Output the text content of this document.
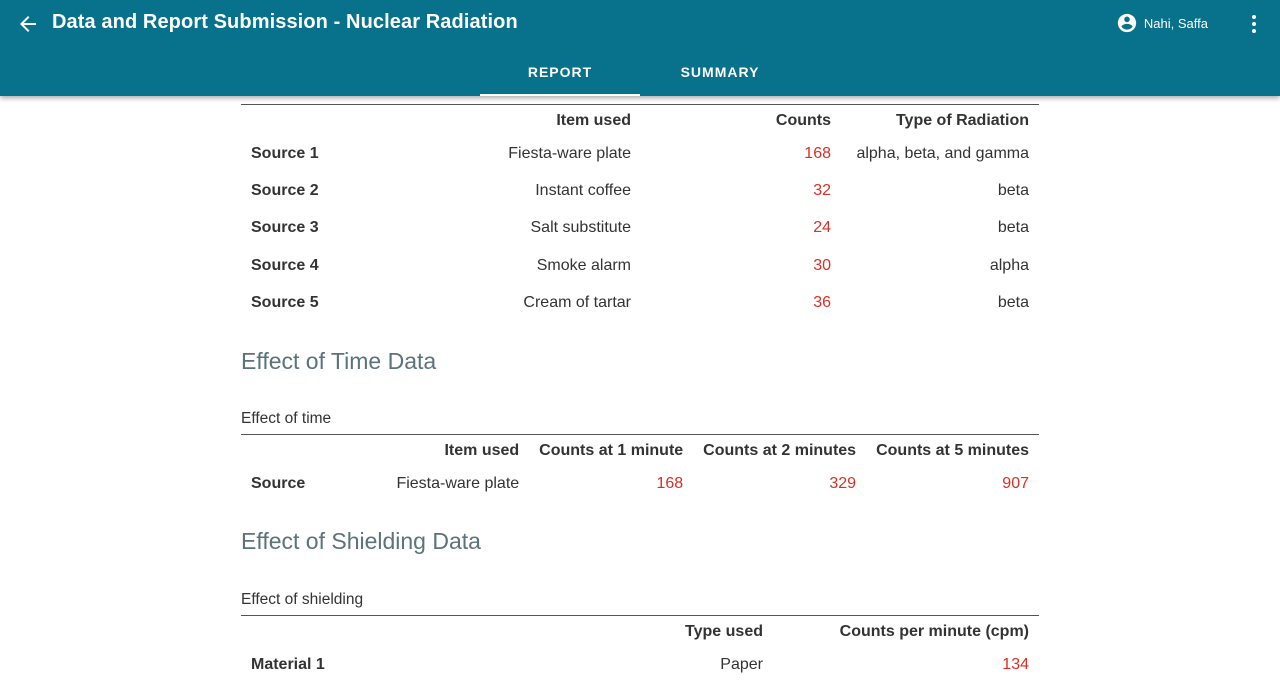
Data and Report Submission - Nuclear Radiation	Nahi, Saffa
REPORT	SUMMARY
	Item used	Counts	Type of Radiation
Source 1	Fiesta-ware plate	168	alpha, beta, and gamma
Source 2	Instant coffee	32	beta
Source 3	Salt substitute	24	beta
Source 4	Smoke alarm	30	alpha
Source 5	Cream of tartar	36	beta
Effect of Time Data
Effect of time
	Item used	Counts at 1 minute	Counts at 2 minutes	Counts at 5 minutes
Source	Fiesta-ware plate	168	329	907
Effect of Shielding Data
Effect of shielding
	Type used	Counts per minute (cpm)
Material 1	Paper	134
